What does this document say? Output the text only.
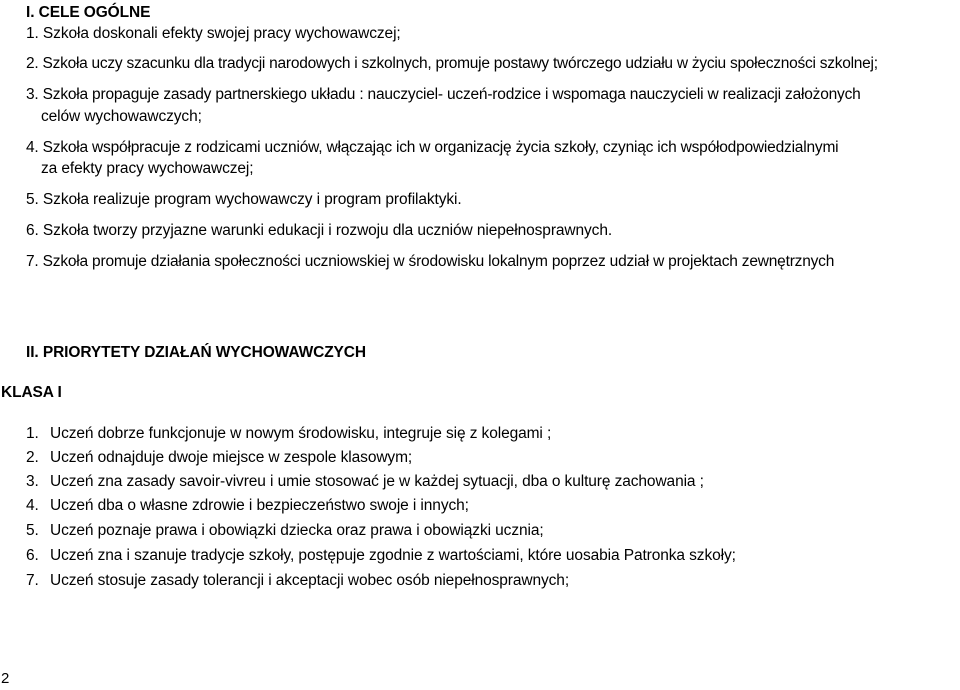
I. CELE OGÓLNE
1. Szkoła doskonali efekty swojej pracy wychowawczej;
2. Szkoła uczy szacunku dla tradycji narodowych i szkolnych, promuje postawy twórczego udziału w życiu społeczności szkolnej;
3. Szkoła propaguje zasady partnerskiego układu : nauczyciel- uczeń-rodzice i wspomaga nauczycieli w realizacji założonych
celów wychowawczych;
4. Szkoła współpracuje z rodzicami uczniów, włączając ich w organizację życia szkoły, czyniąc ich współodpowiedzialnymi
za efekty pracy wychowawczej;
5. Szkoła realizuje program wychowawczy i program profilaktyki.
6. Szkoła tworzy przyjazne warunki edukacji i rozwoju dla uczniów niepełnosprawnych.
7. Szkoła promuje działania społeczności uczniowskiej w środowisku lokalnym poprzez udział w projektach zewnętrznych
II. PRIORYTETY DZIAŁAŃ WYCHOWAWCZYCH
KLASA I
1. Uczeń dobrze funkcjonuje w nowym środowisku, integruje się z kolegami ;
2. Uczeń odnajduje dwoje miejsce w zespole klasowym;
3. Uczeń zna zasady savoir-vivreu i umie stosować je w każdej sytuacji, dba o kulturę zachowania ;
4. Uczeń dba o własne zdrowie i bezpieczeństwo swoje i innych;
5. Uczeń poznaje prawa i obowiązki dziecka oraz prawa i obowiązki ucznia;
6. Uczeń zna i szanuje tradycje szkoły, postępuje zgodnie z wartościami, które uosabia Patronka szkoły;
7. Uczeń stosuje zasady tolerancji i akceptacji wobec osób niepełnosprawnych;
2
